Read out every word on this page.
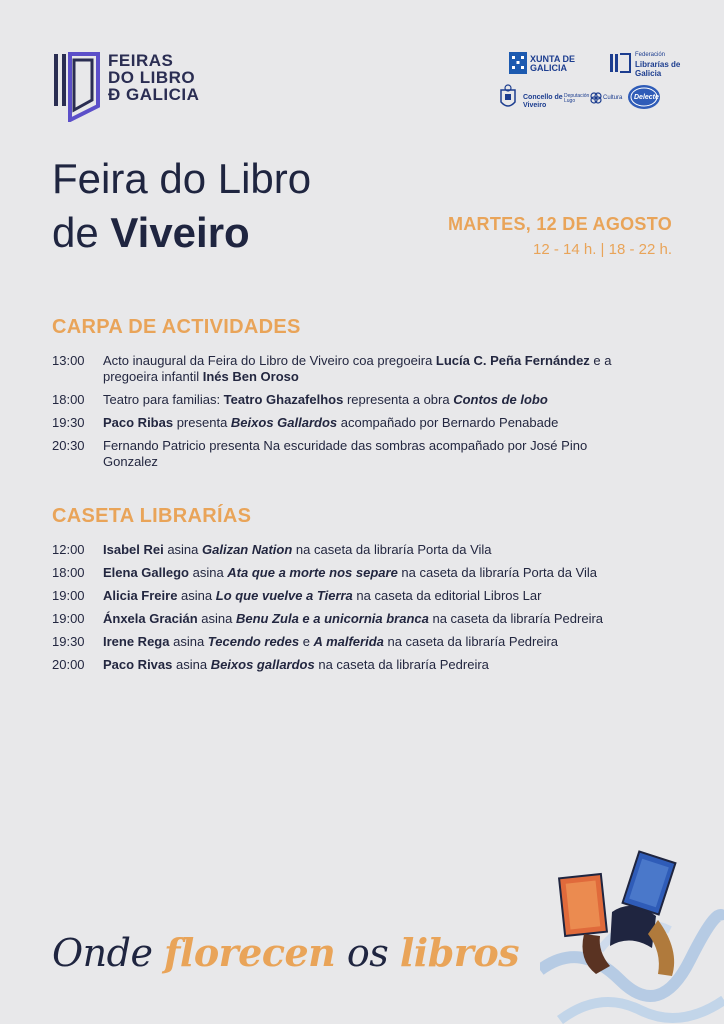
FEIRAS
DO LIBRO
Ð GALICIA
XUNTA DE GALICIA
Federación
Librarías de Galicia
Concello de Viveiro
Deputación Lugo	Cultura Delecte
Feira do Libro
de Viveiro	MARTES, 12 DE AGOSTO
12 - 14 h. | 18 - 22 h.
CARPA DE ACTIVIDADES
13:00	Acto inaugural da Feira do Libro de Viveiro coa pregoeira Lucía C. Peña Fernández e a pregoeira infantil Inés Ben Oroso
18:00	Teatro para familias: Teatro Ghazafelhos representa a obra Contos de lobo
19:30	Paco Ribas presenta Beixos Gallardos acompañado por Bernardo Penabade
20:30	Fernando Patricio presenta Na escuridade das sombras acompañado por José Pino Gonzalez
CASETA LIBRARÍAS
12:00	Isabel Rei asina Galizan Nation na caseta da libraría Porta da Vila
18:00	Elena Gallego asina Ata que a morte nos separe na caseta da libraría Porta da Vila
19:00	Alicia Freire asina Lo que vuelve a Tierra na caseta da editorial Libros Lar
19:00	Ánxela Gracián asina Benu Zula e a unicornia branca na caseta da libraría Pedreira
19:30	Irene Rega asina Tecendo redes e A malferida na caseta da libraría Pedreira
20:00	Paco Rivas asina Beixos gallardos na caseta da libraría Pedreira
Onde florecen os libros
